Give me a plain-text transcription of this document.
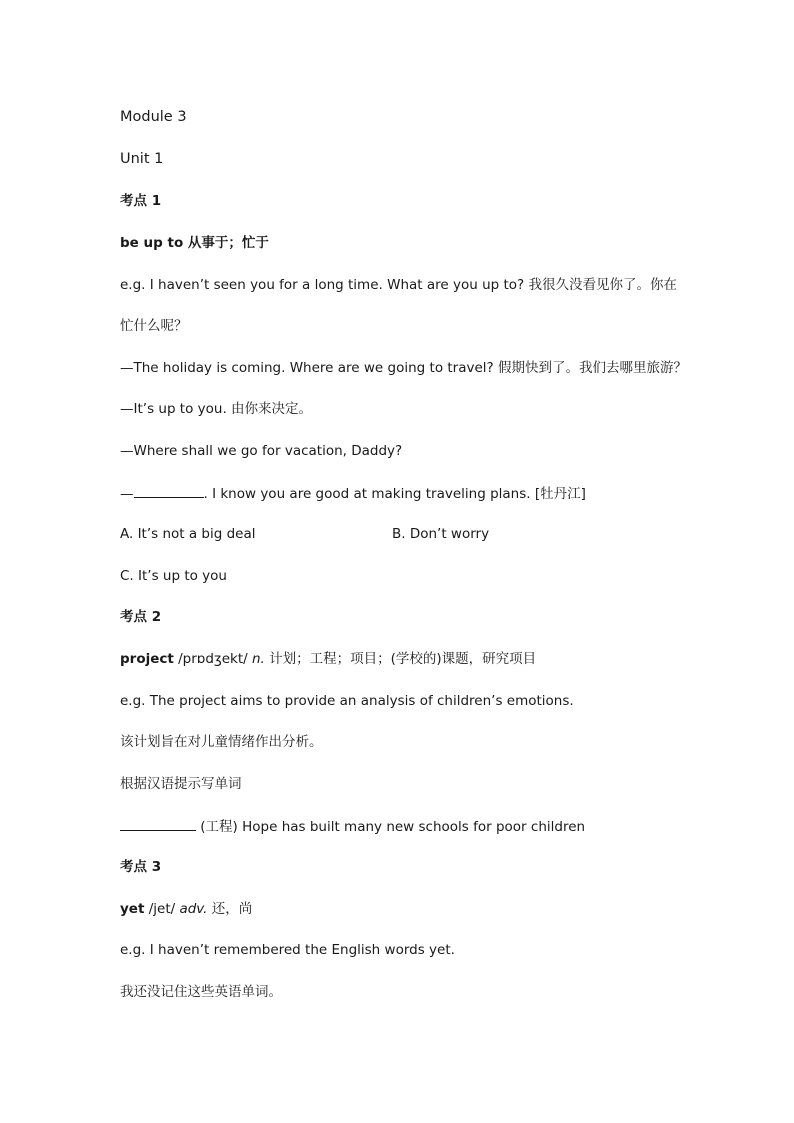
Module 3
Unit 1
考点 1
be up to 从事于；忙于
e.g. I haven’t seen you for a long time. What are you up to? 我很久没看见你了。你在
忙什么呢？
—The holiday is coming. Where are we going to travel? 假期快到了。我们去哪里旅游？
—It’s up to you. 由你来决定。
—Where shall we go for vacation, Daddy?
—	. I know you are good at making traveling plans. [牡丹江]
A. It’s not a big deal	B. Don’t worry
C. It’s up to you
考点 2
project /prɒdʒekt/ n. 计划；工程；项目；(学校的)课题，研究项目
e.g. The project aims to provide an analysis of children’s emotions.
该计划旨在对儿童情绪作出分析。
根据汉语提示写单词
(工程) Hope has built many new schools for poor children
考点 3
yet /jet/ adv. 还，尚
e.g. I haven’t remembered the English words yet.
我还没记住这些英语单词。
